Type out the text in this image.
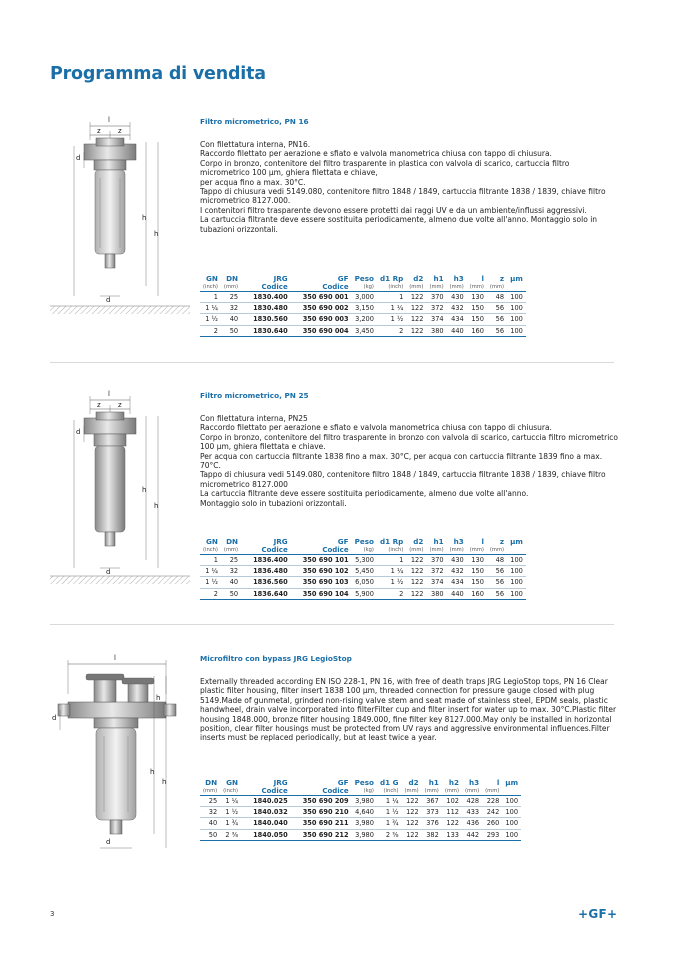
Programma di vendita
l
z z
d
h
h
d
Filtro micrometrico, PN 16

Con filettatura interna, PN16.

Raccordo filettato per aerazione e sfiato e valvola manometrica chiusa con tappo di chiusura.

Corpo in bronzo, contenitore del filtro trasparente in plastica con valvola di scarico, cartuccia filtro micrometrico 100 µm, ghiera filettata e chiave,

per acqua fino a max. 30°C.

Tappo di chiusura vedi 5149.080, contenitore filtro 1848 / 1849, cartuccia filtrante 1838 / 1839, chiave filtro micrometrico 8127.000.

I contenitori filtro trasparente devono essere protetti dai raggi UV e da un ambiente/influssi aggressivi.

La cartuccia filtrante deve essere sostituita periodicamente, almeno due volte all'anno. Montaggio solo in tubazioni orizzontali.

GN	DN	JRG	GF	Peso	d1 Rp	d2	h1	h3	l	z	µm
(inch)	(mm)	Codice	Codice	(kg)	(inch)	(mm)	(mm)	(mm)	(mm)	(mm)	
1	25	1830.400	350 690 001	3,000	1	122	370	430	130	48	100
1 ¼	32	1830.480	350 690 002	3,150	1 ¼	122	372	432	150	56	100
1 ½	40	1830.560	350 690 003	3,200	1 ½	122	374	434	150	56	100
2	50	1830.640	350 690 004	3,450	2	122	380	440	160	56	100
l
z z
d
h
h
d
Filtro micrometrico, PN 25

Con filettatura interna, PN25

Raccordo filettato per aerazione e sfiato e valvola manometrica chiusa con tappo di chiusura.

Corpo in bronzo, contenitore del filtro trasparente in bronzo con valvola di scarico, cartuccia filtro micrometrico 100 µm, ghiera filettata e chiave.

Per acqua con cartuccia filtrante 1838 fino a max. 30°C, per acqua con cartuccia filtrante 1839 fino a max. 70°C.

Tappo di chiusura vedi 5149.080, contenitore filtro 1848 / 1849, cartuccia filtrante 1838 / 1839, chiave filtro micrometrico 8127.000

La cartuccia filtrante deve essere sostituita periodicamente, almeno due volte all'anno.

Montaggio solo in tubazioni orizzontali.

GN	DN	JRG	GF	Peso	d1 Rp	d2	h1	h3	l	z	µm
(inch)	(mm)	Codice	Codice	(kg)	(inch)	(mm)	(mm)	(mm)	(mm)	(mm)	
1	25	1836.400	350 690 101	5,300	1	122	370	430	130	48	100
1 ¼	32	1836.480	350 690 102	5,450	1 ¼	122	372	432	150	56	100
1 ½	40	1836.560	350 690 103	6,050	1 ½	122	374	434	150	56	100
2	50	1836.640	350 690 104	5,900	2	122	380	440	160	56	100
l
d
h
h
h
d
Microfiltro con bypass JRG LegioStop

Externally threaded according EN ISO 228-1, PN 16, with free of death traps JRG LegioStop tops, PN 16 Clear plastic filter housing, filter insert 1838 100 µm, threaded connection for pressure gauge closed with plug 5149.Made of gunmetal, grinded non-rising valve stem and seat made of stainless steel, EPDM seals, plastic handwheel, drain valve incorporated into filterFilter cup and filter insert for water up to max. 30°C.Plastic filter housing 1848.000, bronze filter housing 1849.000, fine filter key 8127.000.May only be installed in horizontal position, clear filter housings must be protected from UV rays and aggressive environmental influences.Filter inserts must be replaced periodically, but at least twice a year.

DN	GN	JRG	GF	Peso	d1 G	d2	h1	h2	h3	l	µm
(mm)	(inch)	Codice	Codice	(kg)	(inch)	(mm)	(mm)	(mm)	(mm)	(mm)	
25	1 ¼	1840.025	350 690 209	3,980	1 ¼	122	367	102	428	228	100
32	1 ½	1840.032	350 690 210	4,640	1 ½	122	373	112	433	242	100
40	1 ¾	1840.040	350 690 211	3,980	1 ¾	122	376	122	436	260	100
50	2 ⅜	1840.050	350 690 212	3,980	2 ⅜	122	382	133	442	293	100
3	+GF+
